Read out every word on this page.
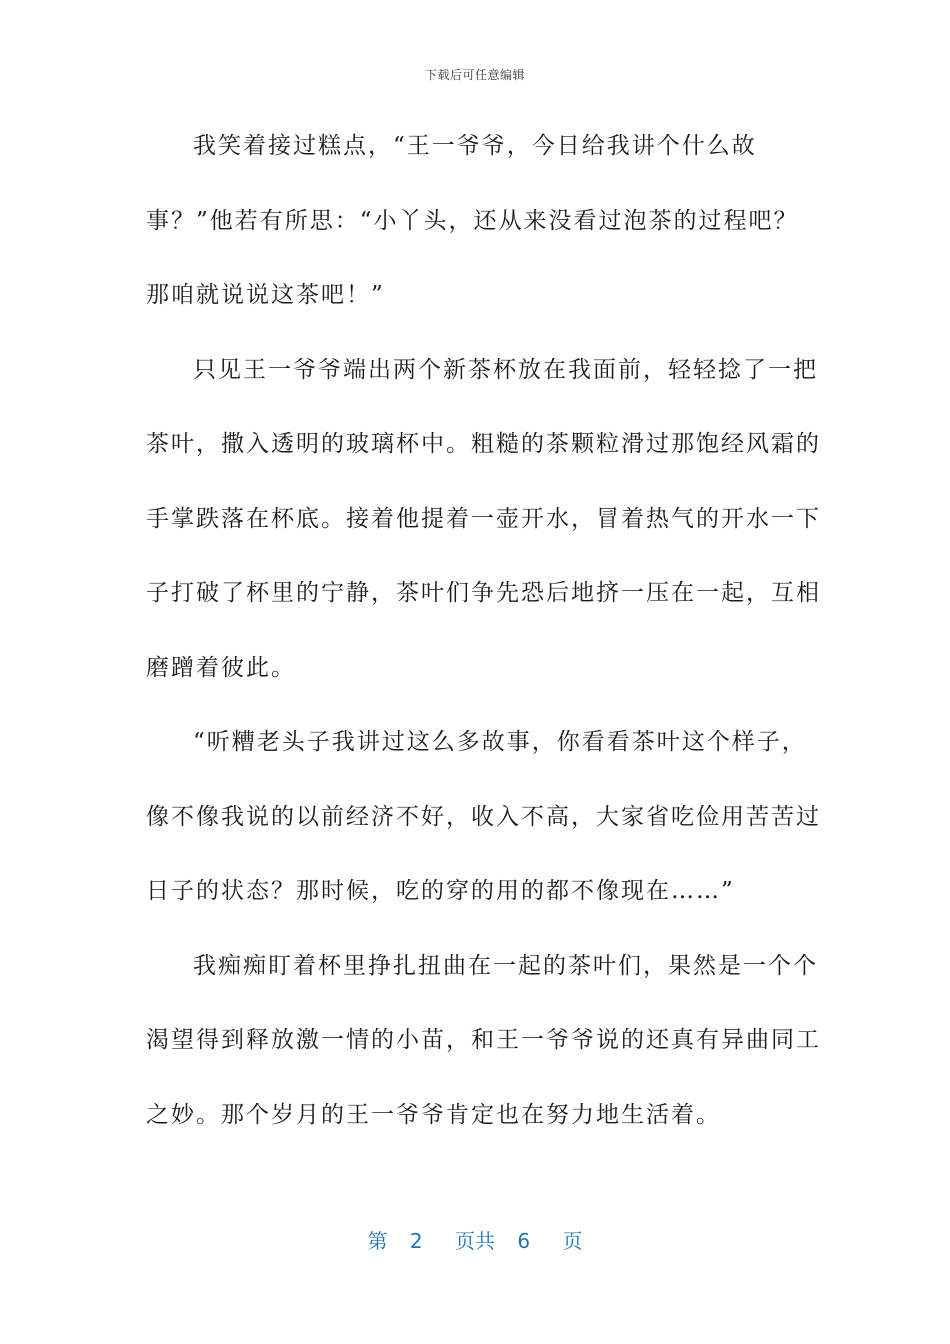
下载后可任意编辑
我笑着接过糕点，“王一爷爷，今日给我讲个什么故
事？”他若有所思：“小丫头，还从来没看过泡茶的过程吧？
那咱就说说这茶吧！”
只见王一爷爷端出两个新茶杯放在我面前，轻轻捻了一把
茶叶，撒入透明的玻璃杯中。粗糙的茶颗粒滑过那饱经风霜的
手掌跌落在杯底。接着他提着一壶开水，冒着热气的开水一下
子打破了杯里的宁静，茶叶们争先恐后地挤一压在一起，互相
磨蹭着彼此。
“听糟老头子我讲过这么多故事，你看看茶叶这个样子，
像不像我说的以前经济不好，收入不高，大家省吃俭用苦苦过
日子的状态？那时候，吃的穿的用的都不像现在……”
我痴痴盯着杯里挣扎扭曲在一起的茶叶们，果然是一个个
渴望得到释放激一情的小苗，和王一爷爷说的还真有异曲同工
之妙。那个岁月的王一爷爷肯定也在努力地生活着。
第 2 页共 6 页
